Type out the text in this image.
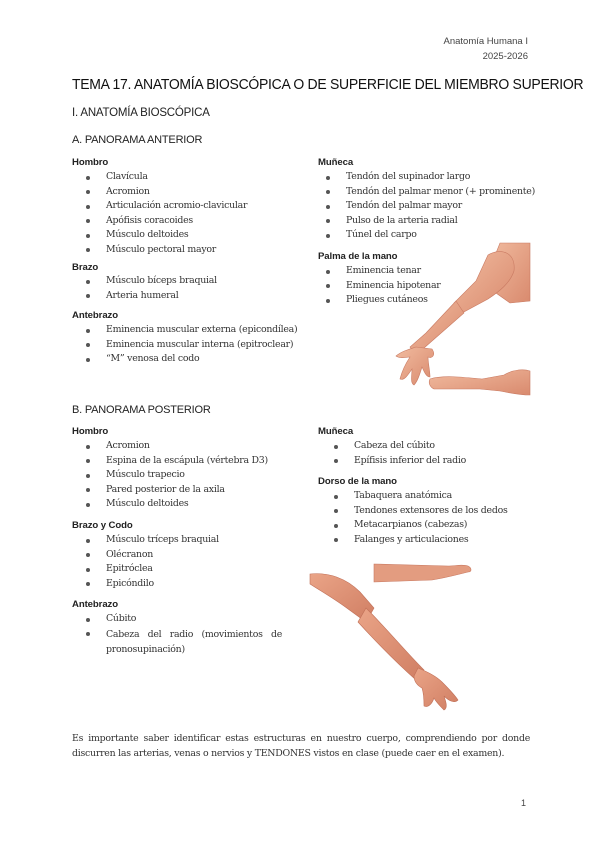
Anatomía Humana I
2025-2026
TEMA 17. ANATOMÍA BIOSCÓPICA O DE SUPERFICIE DEL MIEMBRO SUPERIOR
I. ANATOMÍA BIOSCÓPICA
A. PANORAMA ANTERIOR
Hombro
Clavícula
Acromion
Articulación acromio-clavicular
Apófisis coracoides
Músculo deltoides
Músculo pectoral mayor
Brazo
Músculo bíceps braquial
Arteria humeral
Antebrazo
Eminencia muscular externa (epicondílea)
Eminencia muscular interna (epitroclear)
“M” venosa del codo
Muñeca
Tendón del supinador largo
Tendón del palmar menor (+ prominente)
Tendón del palmar mayor
Pulso de la arteria radial
Túnel del carpo
Palma de la mano
Eminencia tenar
Eminencia hipotenar
Pliegues cutáneos
B. PANORAMA POSTERIOR
Hombro
Acromion
Espina de la escápula (vértebra D3)
Músculo trapecio
Pared posterior de la axila
Músculo deltoides
Brazo y Codo
Músculo tríceps braquial
Olécranon
Epitróclea
Epicóndilo
Antebrazo
Cúbito
Cabeza del radio (movimientos de pronosupinación)
Muñeca
Cabeza del cúbito
Epífisis inferior del radio
Dorso de la mano
Tabaquera anatómica
Tendones extensores de los dedos
Metacarpianos (cabezas)
Falanges y articulaciones

Es importante saber identificar estas estructuras en nuestro cuerpo, comprendiendo por donde discurren las arterias, venas o nervios y TENDONES vistos en clase (puede caer en el examen).

1
